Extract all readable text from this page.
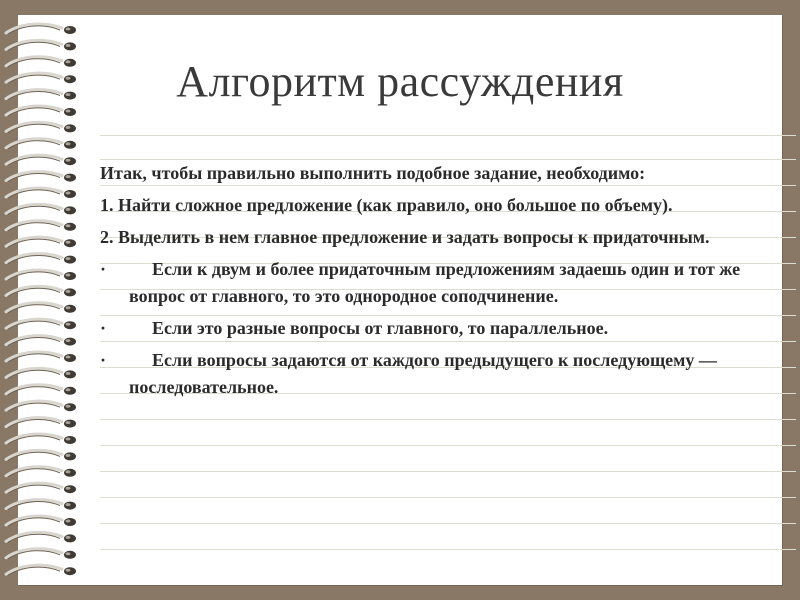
Алгоритм рассуждения

Итак, чтобы правильно выполнить подобное задание, необходимо:

1. Найти сложное предложение (как правило, оно большое по объему).

2. Выделить в нем главное предложение и задать вопросы к придаточным.

·	Если к двум и более придаточным предложениям задаешь один и тот же вопрос от главного, то это однородное соподчинение.

·	Если это разные вопросы от главного, то параллельное.

·	Если вопросы задаются от каждого предыдущего к последующему — последовательное.
